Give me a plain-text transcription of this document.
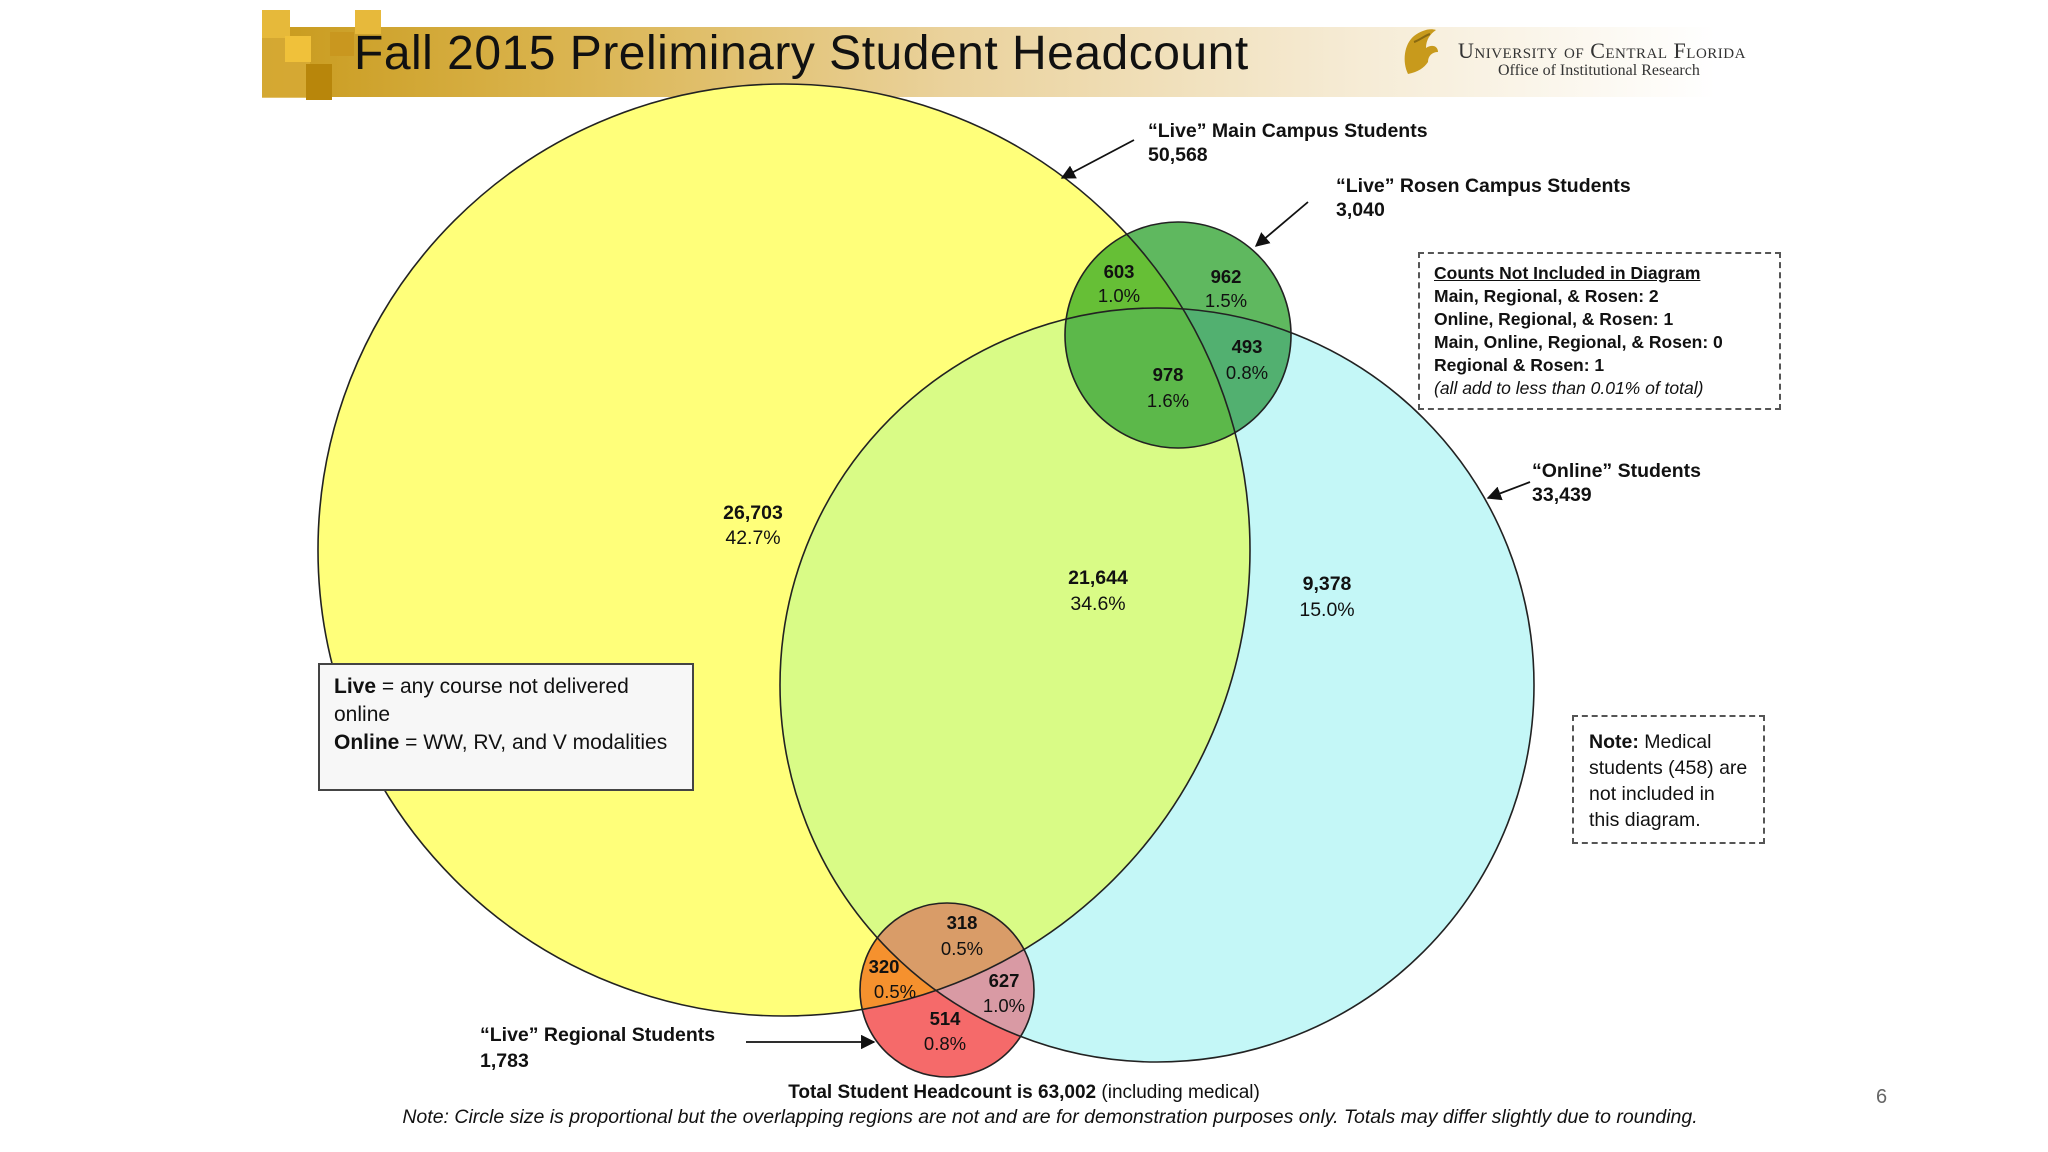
Fall 2015 Preliminary Student Headcount	University of Central Florida
Office of Institutional Research
“Live” Main Campus Students
50,568
“Live” Rosen Campus Students
3,040
“Online” Students
33,439
“Live” Regional Students
1,783
26,703
42.7%
21,644
34.6%
9,378
15.0%
603
1.0%
962
1.5%
978
1.6%
493
0.8%
318
0.5%
320
0.5%
627
1.0%
514
0.8%
Live = any course not delivered online
Online = WW, RV, and V modalities
Counts Not Included in Diagram
Main, Regional, & Rosen: 2
Online, Regional, & Rosen: 1
Main, Online, Regional, & Rosen: 0
Regional & Rosen: 1
(all add to less than 0.01% of total)
Note: Medical students (458) are not included in this diagram.
Total Student Headcount is 63,002 (including medical)
Note: Circle size is proportional but the overlapping regions are not and are for demonstration purposes only. Totals may differ slightly due to rounding.
6
